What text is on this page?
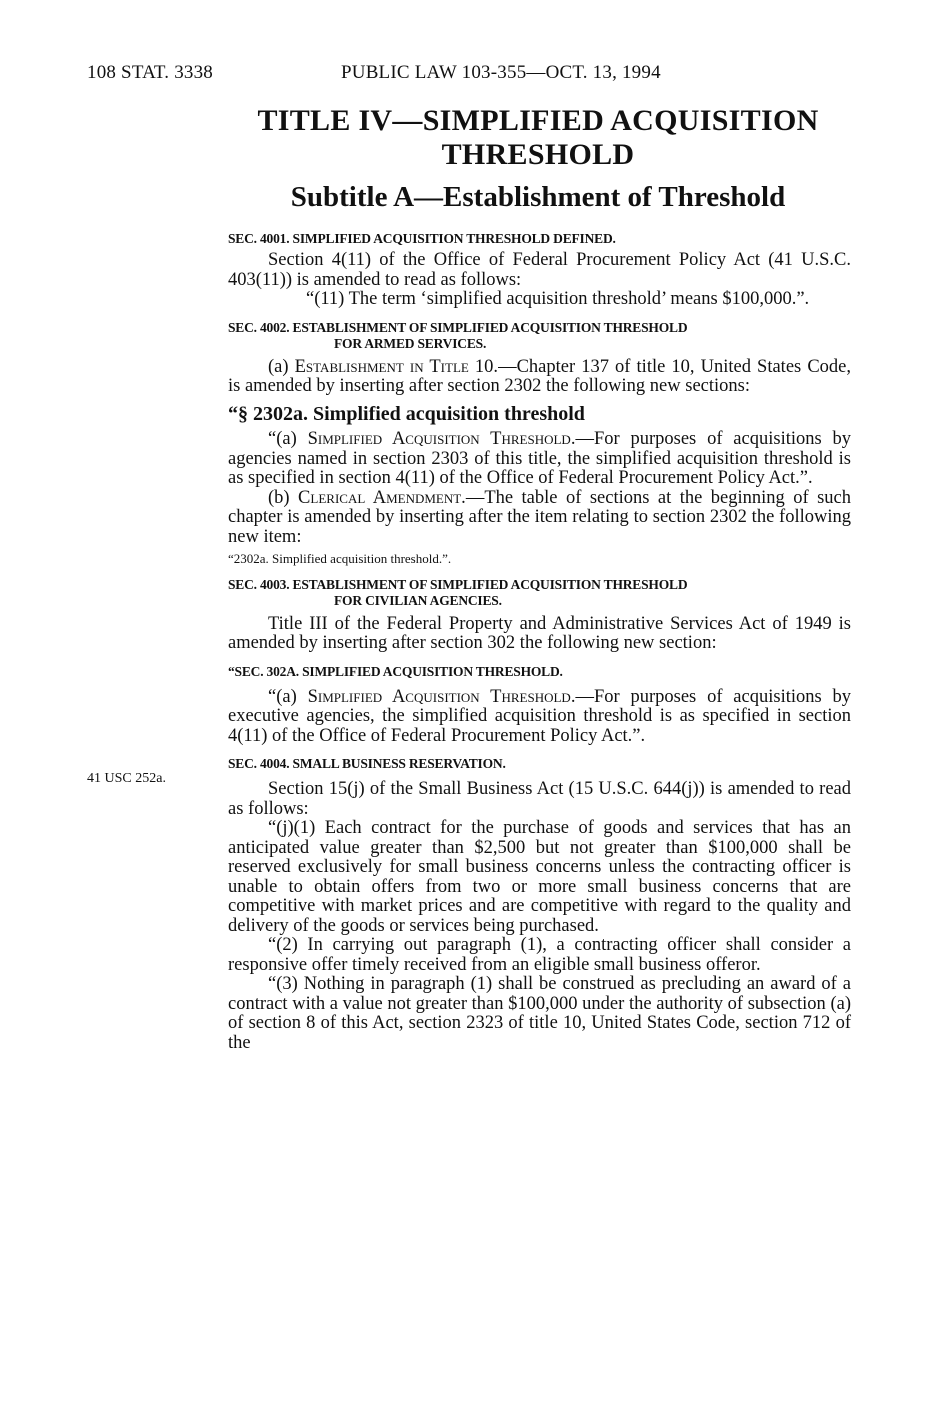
108 STAT. 3338	PUBLIC LAW 103-355—OCT. 13, 1994
TITLE IV—SIMPLIFIED ACQUISITION
THRESHOLD
Subtitle A—Establishment of Threshold
41 USC 252a.
SEC. 4001. SIMPLIFIED ACQUISITION THRESHOLD DEFINED.

Section 4(11) of the Office of Federal Procurement Policy Act (41 U.S.C. 403(11)) is amended to read as follows:

“(11) The term ‘simplified acquisition threshold’ means $100,000.”.

SEC. 4002. ESTABLISHMENT OF SIMPLIFIED ACQUISITION THRESHOLD
FOR ARMED SERVICES.

(a) Establishment in Title 10.—Chapter 137 of title 10, United States Code, is amended by inserting after section 2302 the following new sections:

“§ 2302a. Simplified acquisition threshold

“(a) Simplified Acquisition Threshold.—For purposes of acquisitions by agencies named in section 2303 of this title, the simplified acquisition threshold is as specified in section 4(11) of the Office of Federal Procurement Policy Act.”.

(b) Clerical Amendment.—The table of sections at the beginning of such chapter is amended by inserting after the item relating to section 2302 the following new item:

“2302a. Simplified acquisition threshold.”.
SEC. 4003. ESTABLISHMENT OF SIMPLIFIED ACQUISITION THRESHOLD
FOR CIVILIAN AGENCIES.

Title III of the Federal Property and Administrative Services Act of 1949 is amended by inserting after section 302 the following new section:

“SEC. 302A. SIMPLIFIED ACQUISITION THRESHOLD.

“(a) Simplified Acquisition Threshold.—For purposes of acquisitions by executive agencies, the simplified acquisition threshold is as specified in section 4(11) of the Office of Federal Procurement Policy Act.”.

SEC. 4004. SMALL BUSINESS RESERVATION.

Section 15(j) of the Small Business Act (15 U.S.C. 644(j)) is amended to read as follows:

“(j)(1) Each contract for the purchase of goods and services that has an anticipated value greater than $2,500 but not greater than $100,000 shall be reserved exclusively for small business concerns unless the contracting officer is unable to obtain offers from two or more small business concerns that are competitive with market prices and are competitive with regard to the quality and delivery of the goods or services being purchased.

“(2) In carrying out paragraph (1), a contracting officer shall consider a responsive offer timely received from an eligible small business offeror.

“(3) Nothing in paragraph (1) shall be construed as precluding an award of a contract with a value not greater than $100,000 under the authority of subsection (a) of section 8 of this Act, section 2323 of title 10, United States Code, section 712 of the
